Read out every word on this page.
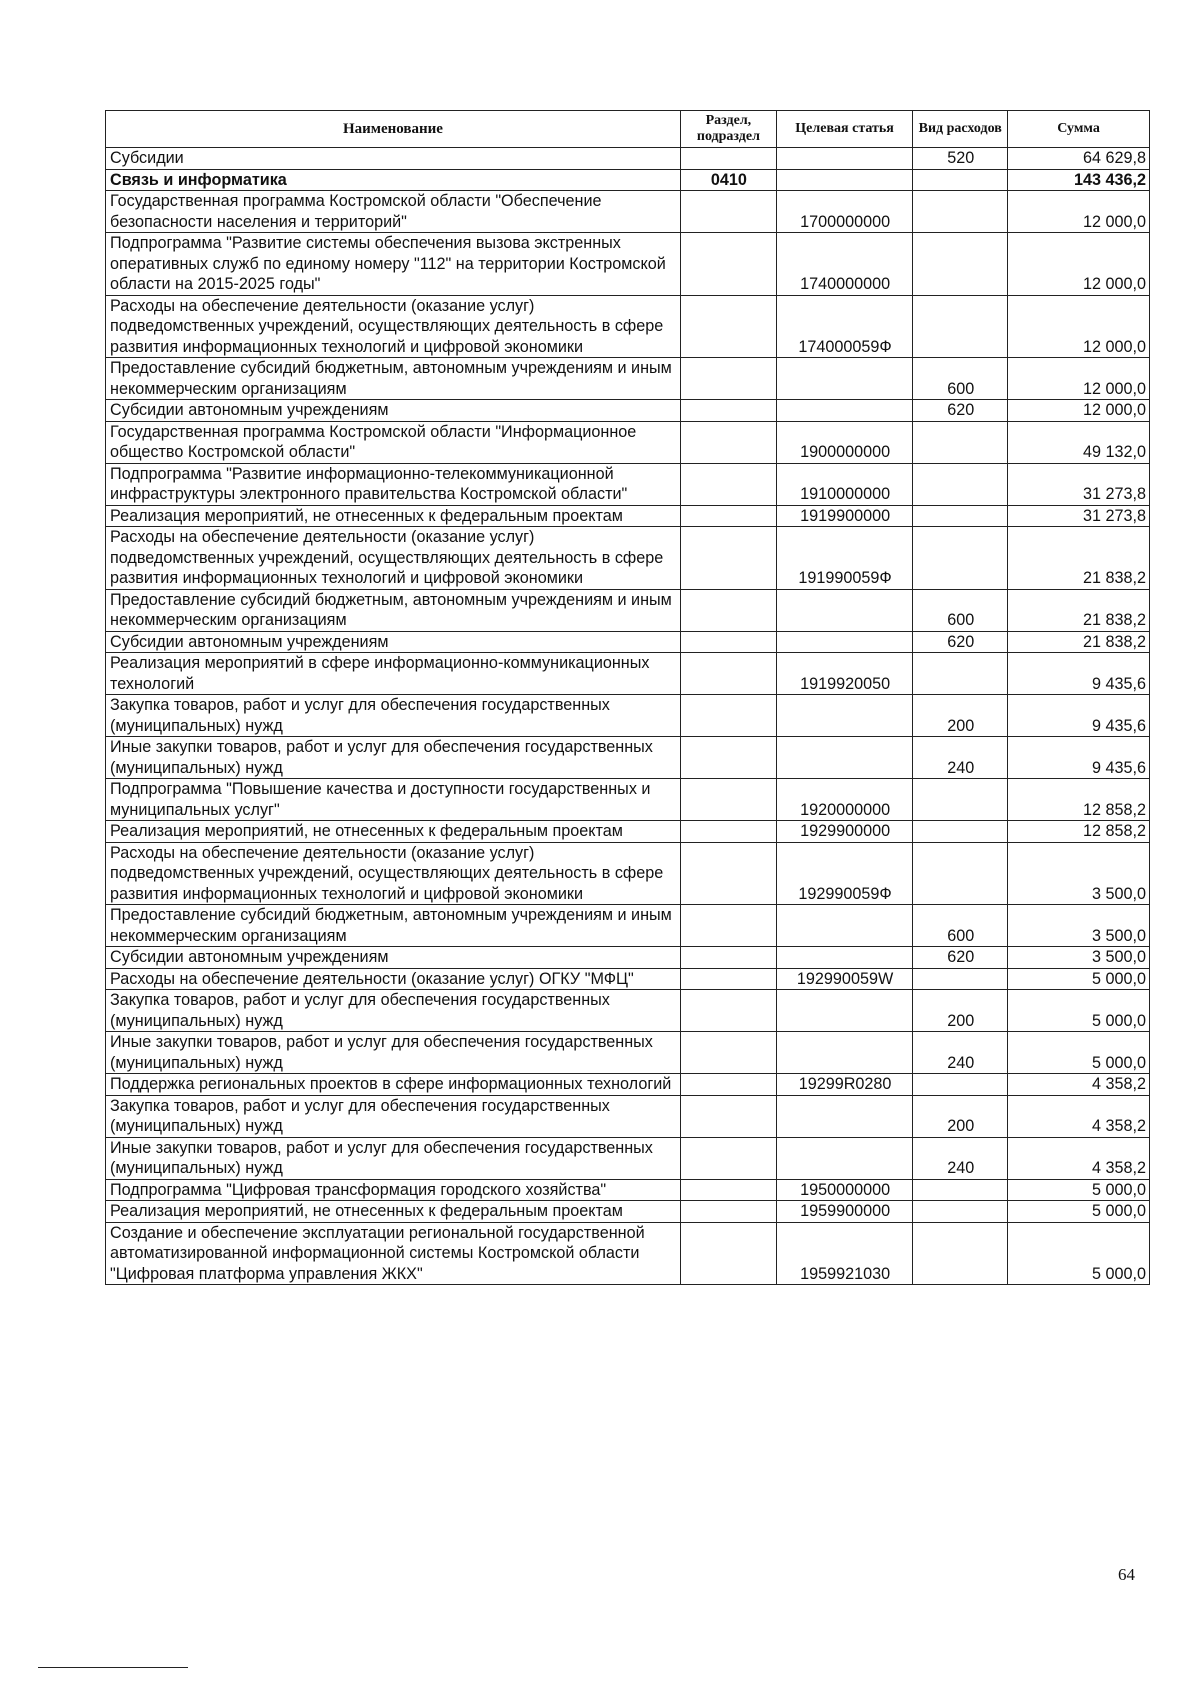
Наименование	Раздел, подраздел	Целевая статья	Вид расходов	Сумма
Субсидии			520	64 629,8
Связь и информатика	0410			143 436,2
Государственная программа Костромской области "Обеспечение безопасности населения и территорий"		1700000000		12 000,0
Подпрограмма "Развитие системы обеспечения вызова экстренных оперативных служб по единому номеру "112" на территории Костромской области на 2015-2025 годы"		1740000000		12 000,0
Расходы на обеспечение деятельности (оказание услуг) подведомственных учреждений, осуществляющих деятельность в сфере развития информационных технологий и цифровой экономики		174000059Ф		12 000,0
Предоставление субсидий бюджетным, автономным учреждениям и иным некоммерческим организациям			600	12 000,0
Субсидии автономным учреждениям			620	12 000,0
Государственная программа Костромской области "Информационное общество Костромской области"		1900000000		49 132,0
Подпрограмма "Развитие информационно-телекоммуникационной инфраструктуры электронного правительства Костромской области"		1910000000		31 273,8
Реализация мероприятий, не отнесенных к федеральным проектам		1919900000		31 273,8
Расходы на обеспечение деятельности (оказание услуг) подведомственных учреждений, осуществляющих деятельность в сфере развития информационных технологий и цифровой экономики		191990059Ф		21 838,2
Предоставление субсидий бюджетным, автономным учреждениям и иным некоммерческим организациям			600	21 838,2
Субсидии автономным учреждениям			620	21 838,2
Реализация мероприятий в сфере информационно-коммуникационных технологий		1919920050		9 435,6
Закупка товаров, работ и услуг для обеспечения государственных (муниципальных) нужд			200	9 435,6
Иные закупки товаров, работ и услуг для обеспечения государственных (муниципальных) нужд			240	9 435,6
Подпрограмма "Повышение качества и доступности государственных и муниципальных услуг"		1920000000		12 858,2
Реализация мероприятий, не отнесенных к федеральным проектам		1929900000		12 858,2
Расходы на обеспечение деятельности (оказание услуг) подведомственных учреждений, осуществляющих деятельность в сфере развития информационных технологий и цифровой экономики		192990059Ф		3 500,0
Предоставление субсидий бюджетным, автономным учреждениям и иным некоммерческим организациям			600	3 500,0
Субсидии автономным учреждениям			620	3 500,0
Расходы на обеспечение деятельности (оказание услуг) ОГКУ "МФЦ"		192990059W		5 000,0
Закупка товаров, работ и услуг для обеспечения государственных (муниципальных) нужд			200	5 000,0
Иные закупки товаров, работ и услуг для обеспечения государственных (муниципальных) нужд			240	5 000,0
Поддержка региональных проектов в сфере информационных технологий		19299R0280		4 358,2
Закупка товаров, работ и услуг для обеспечения государственных (муниципальных) нужд			200	4 358,2
Иные закупки товаров, работ и услуг для обеспечения государственных (муниципальных) нужд			240	4 358,2
Подпрограмма "Цифровая трансформация городского хозяйства"		1950000000		5 000,0
Реализация мероприятий, не отнесенных к федеральным проектам		1959900000		5 000,0
Создание и обеспечение эксплуатации региональной государственной автоматизированной информационной системы Костромской области "Цифровая платформа управления ЖКХ"		1959921030		5 000,0
64
